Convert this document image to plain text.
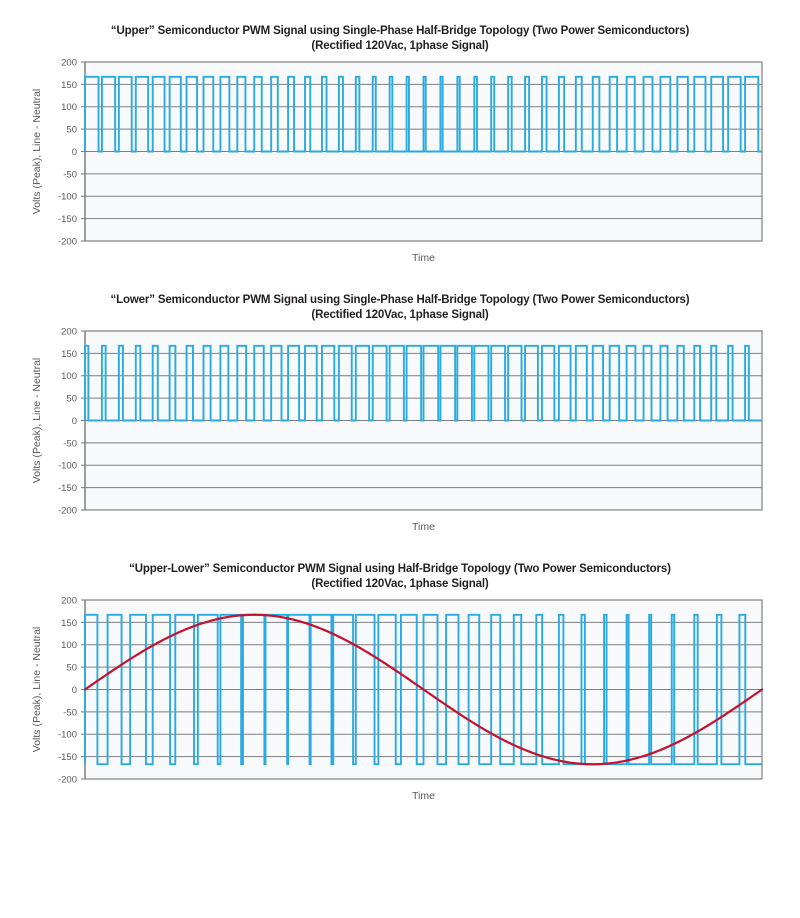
“Upper” Semiconductor PWM Signal using Single-Phase Half-Bridge Topology (Two Power Semiconductors)
(Rectified 120Vac, 1phase Signal)
200
150
100
50
0
-50
-100
-150
-200
Time
Volts (Peak), Line - Neutral
“Lower” Semiconductor PWM Signal using Single-Phase Half-Bridge Topology (Two Power Semiconductors)
(Rectified 120Vac, 1phase Signal)
200
150
100
50
0
-50
-100
-150
-200
Time
Volts (Peak), Line - Neutral
“Upper-Lower” Semiconductor PWM Signal using Half-Bridge Topology (Two Power Semiconductors)
(Rectified 120Vac, 1phase Signal)
200
150
100
50
0
-50
-100
-150
-200
Time
Volts (Peak), Line - Neutral
